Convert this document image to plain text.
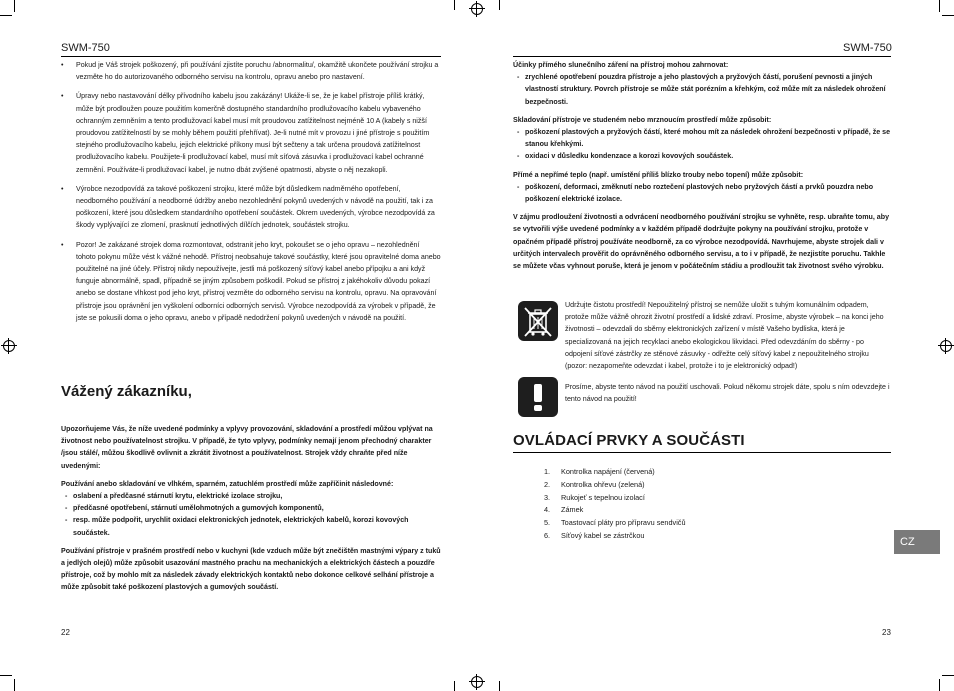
SWM-750
• Pokud je Váš strojek poškozený, při používání zjistíte poruchu /abnormalitu/, okamžitě ukončete používání strojku a vezměte ho do autorizovaného odborného servisu na kontrolu, opravu anebo pro nastavení.
• Úpravy nebo nastavování délky přívodního kabelu jsou zakázány! Ukáže-li se, že je kabel přístroje příliš krátký, může být prodloužen pouze použitím komerčně dostupného standardního prodlužovacího kabelu vybaveného ochranným zemněním a tento prodlužovací kabel musí mít proudovou zatížitelnost nejméně 10 A (kabely s nižší proudovou zatížitelností by se mohly během použití přehřívat). Je-li nutné mít v provozu i jiné přístroje s použitím stejného prodlužovacího kabelu, jejich elektrické příkony musí být sečteny a tak určena proudová zatížitelnost prodlužovacího kabelu. Použijete-li prodlužovací kabel, musí mít síťová zásuvka i prodlužovací kabel ochranné zemnění. Používáte-li prodlužovací kabel, je nutno dbát zvýšené opatrnosti, abyste o něj nezakopli.
• Výrobce nezodpovídá za takové poškození strojku, které může být důsledkem nadměrného opotřebení, neodborného používání a neodborné údržby anebo nezohlednění pokynů uvedených v návodě na použití, tak i za poškození, které jsou důsledkem standardního opotřebení součástek. Okrem uvedených, výrobce nezodpovídá za škody vyplývající ze zlomení, prasknutí jednotlivých dílčích jednotek, součástek strojku.
• Pozor! Je zakázané strojek doma rozmontovat, odstranit jeho kryt, pokoušet se o jeho opravu – nezohlednění tohoto pokynu může vést k vážné nehodě. Přístroj neobsahuje takové součástky, které jsou opravitelné doma anebo použitelné na jiné účely. Přístroj nikdy nepoužívejte, jestli má poškozený síťový kabel anebo přípojku a ani když funguje abnormálně, spadl, případně se jiným způsobem poškodil. Pokud se přístroj z jakéhokoliv důvodu pokazí anebo se dostane vlhkost pod jeho kryt, přístroj vezměte do odborného servisu na kontrolu, opravu. Na opravování přístroje jsou oprávnění jen vyškolení odborníci odborných servisů. Výrobce nezodpovídá za výrobek v případě, že jste se pokusili doma o jeho opravu, anebo v případě nedodržení pokynů uvedených v návodě na použití.
Vážený zákazníku,

Upozorňujeme Vás, že níže uvedené podmínky a vplyvy provozování, skladování a prostředí můžou vplývat na životnost nebo používatelnost strojku. V případě, že tyto vplyvy, podmínky nemají jenom přechodný charakter /jsou stálé/, můžou škodlivě ovlivnit a zkrátit životnost a používatelnost. Strojek vždy chraňte před níže uvedenými:

Používání anebo skladování ve vlhkém, sparném, zatuchlém prostředí může zapříčinit následovné:

- oslabení a předčasné stárnutí krytu, elektrické izolace strojku,
- předčasné opotřebení, stárnutí umělohmotných a gumových komponentů,
- resp. může podpořit, urychlit oxidaci elektronických jednotek, elektrických kabelů, korozi kovových součástek.

Používání přístroje v prašném prostředí nebo v kuchyni (kde vzduch může být znečištěn mastnými výpary z tuků a jedlých olejů) může způsobit usazování mastného prachu na mechanických a elektrických částech a pouzdře přístroje, což by mohlo mít za následek závady elektrických kontaktů nebo dokonce celkové selhání přístroje a může způsobit také poškození plastových a gumových součástí.

22
SWM-750

Účinky přímého slunečního záření na přístroj mohou zahrnovat:

- zrychlené opotřebení pouzdra přístroje a jeho plastových a pryžových částí, porušení pevnosti a jiných vlastností struktury. Povrch přístroje se může stát porézním a křehkým, což může mít za následek ohrožení bezpečnosti.

Skladování přístroje ve studeném nebo mrznoucím prostředí může způsobit:

- poškození plastových a pryžových částí, které mohou mít za následek ohrožení bezpečnosti v případě, že se stanou křehkými.
- oxidaci v důsledku kondenzace a korozi kovových součástek.

Přímé a nepřímé teplo (např. umístění příliš blízko trouby nebo topení) může způsobit:

- poškození, deformaci, změknutí nebo roztečení plastových nebo pryžových částí a prvků pouzdra nebo poškození elektrické izolace.

V zájmu prodloužení životnosti a odvrácení neodborného používání strojku se vyhněte, resp. ubraňte tomu, aby se vytvořili výše uvedené podmínky a v každém případě dodržujte pokyny na používání strojku, protože v opačném případě přístroj používáte neodborně, za co výrobce nezodpovídá. Navrhujeme, abyste strojek dali v určitých intervalech prověřit do oprávněného odborného servisu, a to i v případě, že nezjistíte poruchu. Takhle se můžete včas vyhnout poruše, která je jenom v počátečním stádiu a prodloužit tak životnost svého výrobku.

Udržujte čistotu prostředí! Nepoužitelný přístroj se nemůže uložit s tuhým komunálním odpadem, protože může vážně ohrozit životní prostředí a lidské zdraví. Prosíme, abyste výrobek – na konci jeho životnosti – odevzdali do sběrny elektronických zařízení v místě Vašeho bydliska, která je specializovaná na jejich recyklaci anebo ekologickou likvidaci. Před odevzdáním do sběrny - po odpojení síťové zástrčky ze stěnové zásuvky - odřežte celý síťový kabel z nepoužitelného strojku (pozor: nezapomeňte odevzdat i kabel, protože i to je elektronický odpad!)
Prosíme, abyste tento návod na použití uschovali. Pokud někomu strojek dáte, spolu s ním odevzdejte i tento návod na použití!
OVLÁDACÍ PRVKY A SOUČÁSTI
1. Kontrolka napájení (červená)
2. Kontrolka ohřevu (zelená)
3. Rukojeť s tepelnou izolací
4. Zámek
5. Toastovací pláty pro přípravu sendvičů
6. Síťový kabel se zástrčkou
CZ
23
